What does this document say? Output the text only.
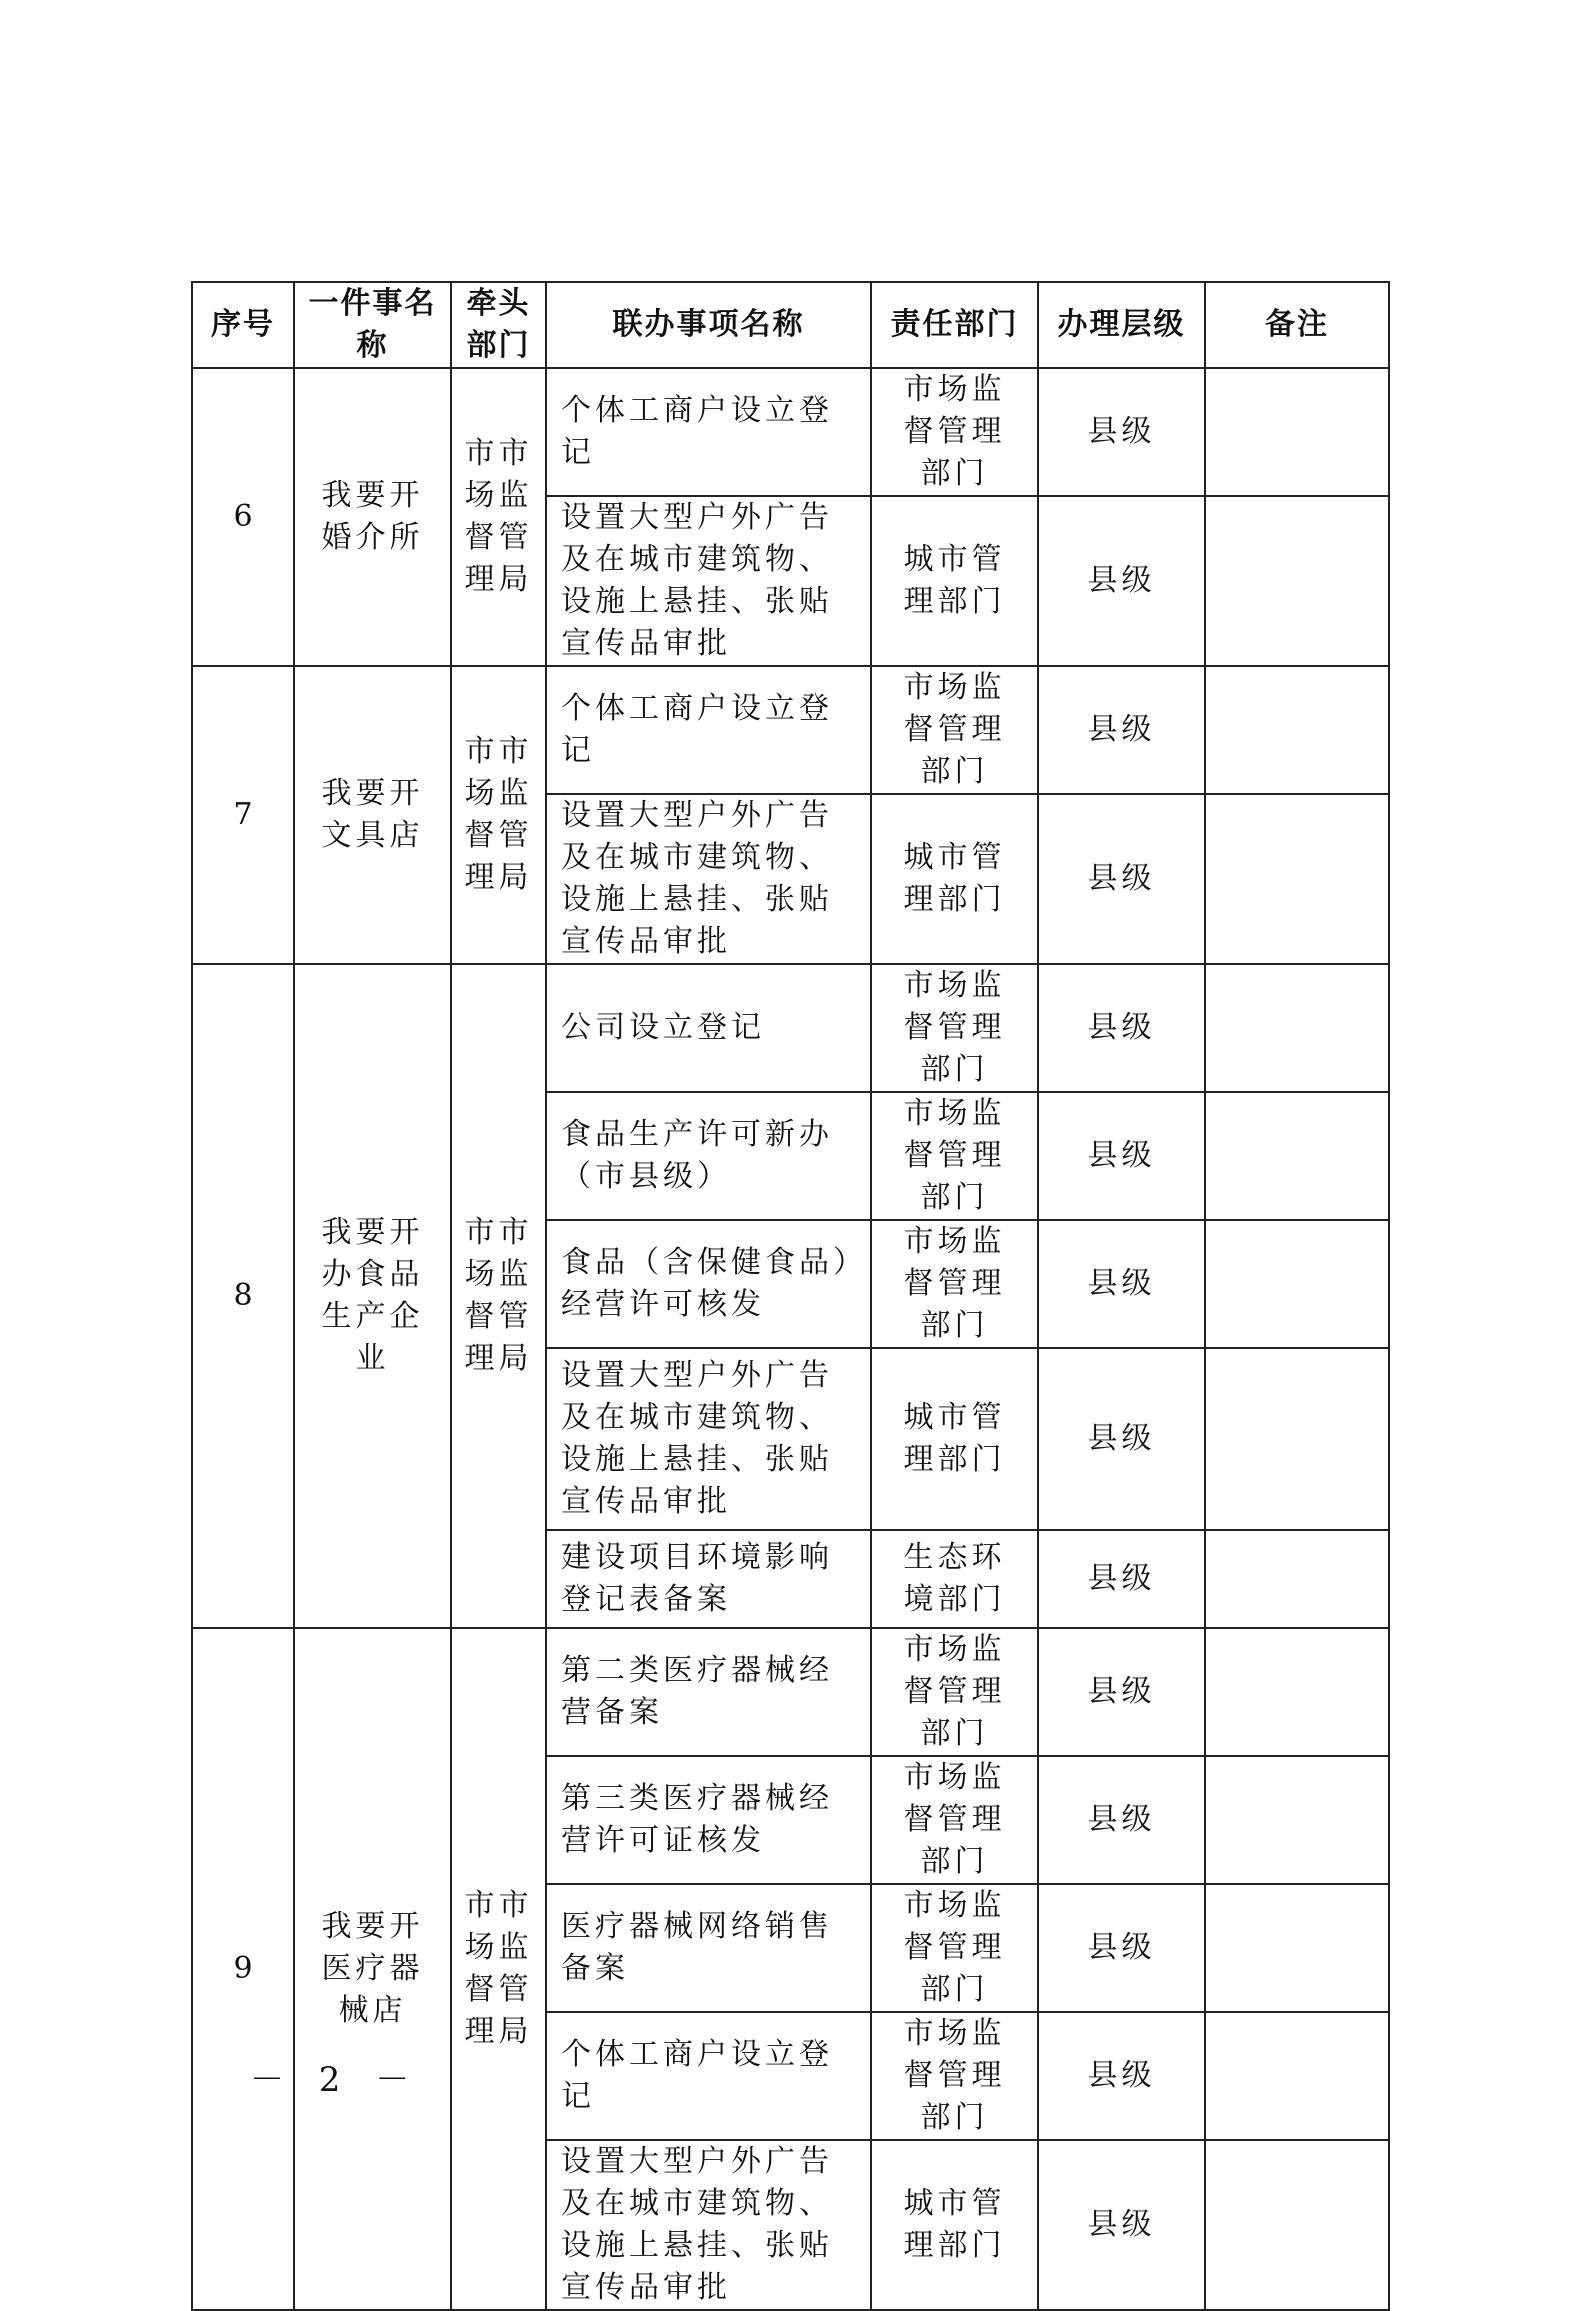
序号	一件事名称	牵头部门	联办事项名称	责任部门	办理层级	备注
6	我要开婚介所	市市场监督管理局	个体工商户设立登记	市场监督管理部门	县级	
			设置大型户外广告及在城市建筑物、设施上悬挂、张贴宣传品审批	城市管理部门	县级	
7	我要开文具店	市市场监督管理局	个体工商户设立登记	市场监督管理部门	县级	
			设置大型户外广告及在城市建筑物、设施上悬挂、张贴宣传品审批	城市管理部门	县级	
8	我要开办食品生产企业	市市场监督管理局	公司设立登记	市场监督管理部门	县级	
			食品生产许可新办（市县级）	市场监督管理部门	县级	
			食品（含保健食品）经营许可核发	市场监督管理部门	县级	
			设置大型户外广告及在城市建筑物、设施上悬挂、张贴宣传品审批	城市管理部门	县级	
			建设项目环境影响登记表备案	生态环境部门	县级	
9	我要开医疗器械店	市市场监督管理局	第二类医疗器械经营备案	市场监督管理部门	县级	
			第三类医疗器械经营许可证核发	市场监督管理部门	县级	
			医疗器械网络销售备案	市场监督管理部门	县级	
			个体工商户设立登记	市场监督管理部门	县级	
			设置大型户外广告及在城市建筑物、设施上悬挂、张贴宣传品审批	城市管理部门	县级	
－ 2 －
